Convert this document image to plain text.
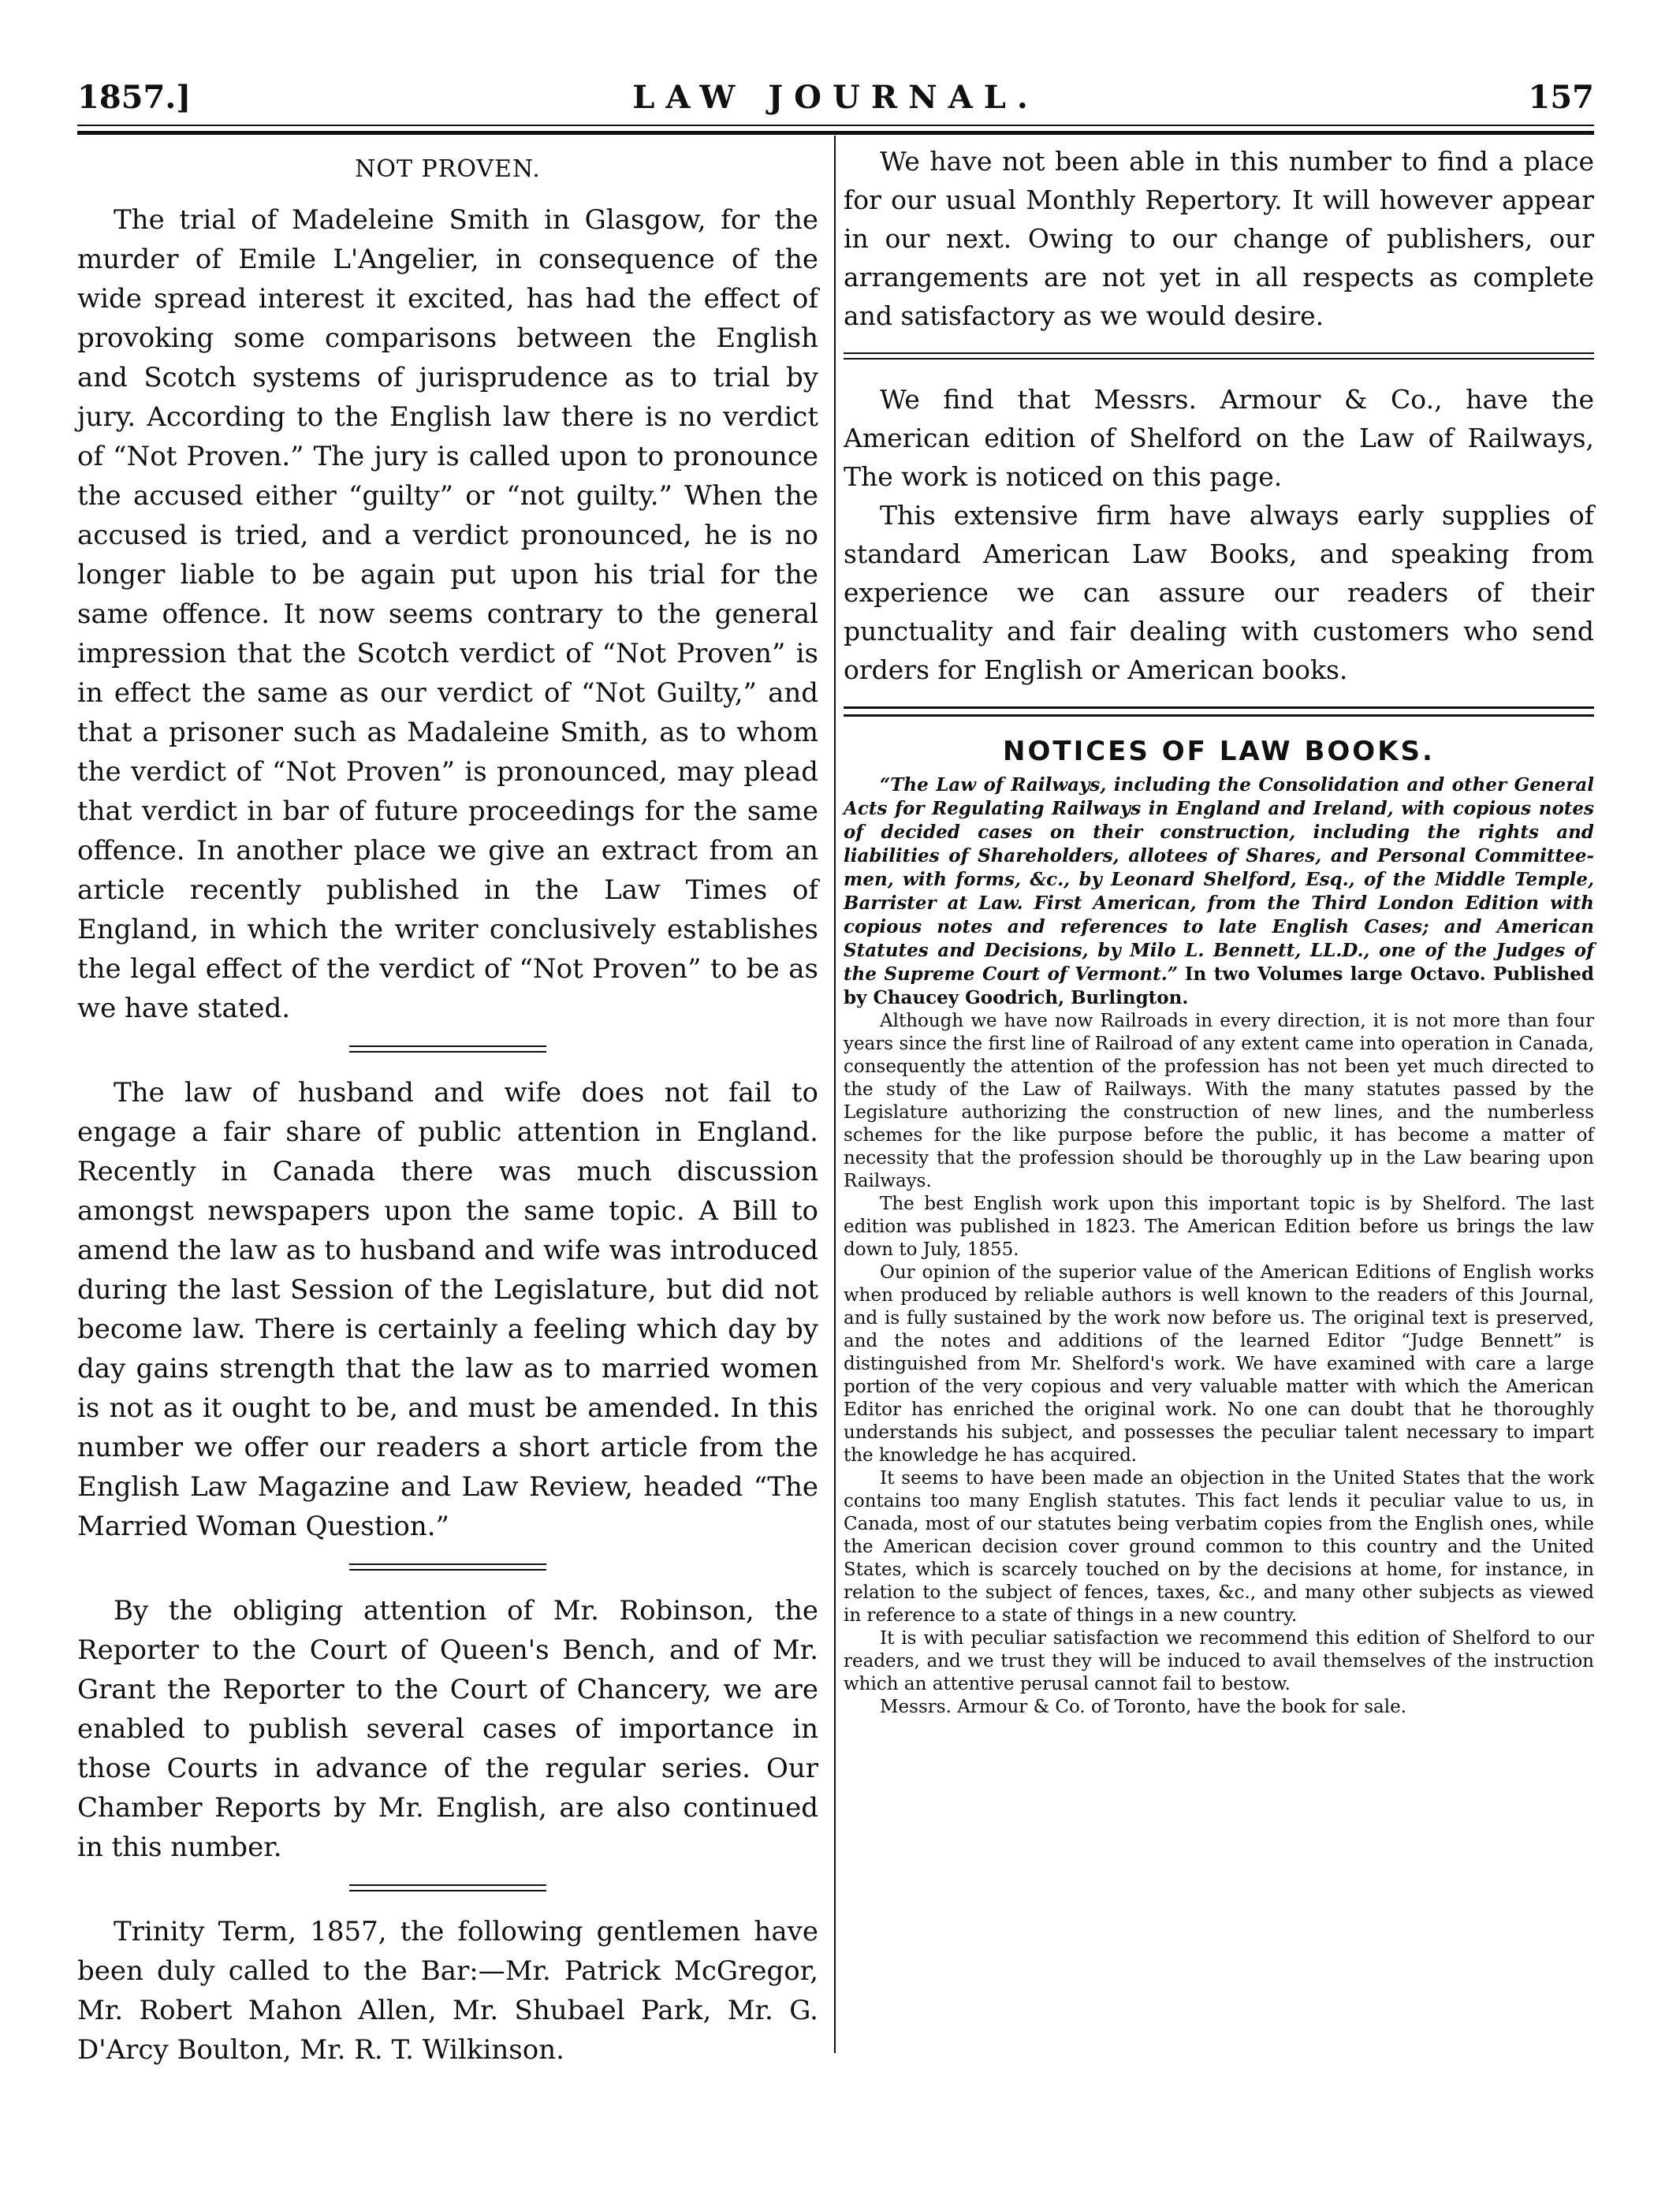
1857.]	LAW JOURNAL.	157
NOT PROVEN.

The trial of Madeleine Smith in Glasgow, for the murder of Emile L'Angelier, in consequence of the wide spread interest it excited, has had the effect of provoking some comparisons between the English and Scotch systems of jurisprudence as to trial by jury. According to the English law there is no verdict of “Not Proven.” The jury is called upon to pronounce the accused either “guilty” or “not guilty.” When the accused is tried, and a verdict pronounced, he is no longer liable to be again put upon his trial for the same offence. It now seems contrary to the general impression that the Scotch verdict of “Not Proven” is in effect the same as our verdict of “Not Guilty,” and that a prisoner such as Madaleine Smith, as to whom the verdict of “Not Proven” is pronounced, may plead that verdict in bar of future proceedings for the same offence. In another place we give an extract from an article recently published in the Law Times of England, in which the writer conclusively establishes the legal effect of the verdict of “Not Proven” to be as we have stated.

The law of husband and wife does not fail to engage a fair share of public attention in England. Recently in Canada there was much discussion amongst newspapers upon the same topic. A Bill to amend the law as to husband and wife was introduced during the last Session of the Legislature, but did not become law. There is certainly a feeling which day by day gains strength that the law as to married women is not as it ought to be, and must be amended. In this number we offer our readers a short article from the English Law Magazine and Law Review, headed “The Married Woman Question.”

By the obliging attention of Mr. Robinson, the Reporter to the Court of Queen's Bench, and of Mr. Grant the Reporter to the Court of Chancery, we are enabled to publish several cases of importance in those Courts in advance of the regular series. Our Chamber Reports by Mr. English, are also continued in this number.

Trinity Term, 1857, the following gentlemen have been duly called to the Bar:—Mr. Patrick McGregor, Mr. Robert Mahon Allen, Mr. Shubael Park, Mr. G. D'Arcy Boulton, Mr. R. T. Wilkinson.

We have not been able in this number to find a place for our usual Monthly Repertory. It will however appear in our next. Owing to our change of publishers, our arrangements are not yet in all respects as complete and satisfactory as we would desire.

We find that Messrs. Armour & Co., have the American edition of Shelford on the Law of Railways, The work is noticed on this page.

This extensive firm have always early supplies of standard American Law Books, and speaking from experience we can assure our readers of their punctuality and fair dealing with customers who send orders for English or American books.

NOTICES OF LAW BOOKS.

“The Law of Railways, including the Consolidation and other General Acts for Regulating Railways in England and Ireland, with copious notes of decided cases on their construction, including the rights and liabilities of Shareholders, allotees of Shares, and Personal Committee-men, with forms, &c., by Leonard Shelford, Esq., of the Middle Temple, Barrister at Law. First American, from the Third London Edition with copious notes and references to late English Cases; and American Statutes and Decisions, by Milo L. Bennett, LL.D., one of the Judges of the Supreme Court of Vermont.” In two Volumes large Octavo. Published by Chaucey Goodrich, Burlington.

Although we have now Railroads in every direction, it is not more than four years since the first line of Railroad of any extent came into operation in Canada, consequently the attention of the profession has not been yet much directed to the study of the Law of Railways. With the many statutes passed by the Legislature authorizing the construction of new lines, and the numberless schemes for the like purpose before the public, it has become a matter of necessity that the profession should be thoroughly up in the Law bearing upon Railways.

The best English work upon this important topic is by Shelford. The last edition was published in 1823. The American Edition before us brings the law down to July, 1855.

Our opinion of the superior value of the American Editions of English works when produced by reliable authors is well known to the readers of this Journal, and is fully sustained by the work now before us. The original text is preserved, and the notes and additions of the learned Editor “Judge Bennett” is distinguished from Mr. Shelford's work. We have examined with care a large portion of the very copious and very valuable matter with which the American Editor has enriched the original work. No one can doubt that he thoroughly understands his subject, and possesses the peculiar talent necessary to impart the knowledge he has acquired.

It seems to have been made an objection in the United States that the work contains too many English statutes. This fact lends it peculiar value to us, in Canada, most of our statutes being verbatim copies from the English ones, while the American decision cover ground common to this country and the United States, which is scarcely touched on by the decisions at home, for instance, in relation to the subject of fences, taxes, &c., and many other subjects as viewed in reference to a state of things in a new country.

It is with peculiar satisfaction we recommend this edition of Shelford to our readers, and we trust they will be induced to avail themselves of the instruction which an attentive perusal cannot fail to bestow.

Messrs. Armour & Co. of Toronto, have the book for sale.
